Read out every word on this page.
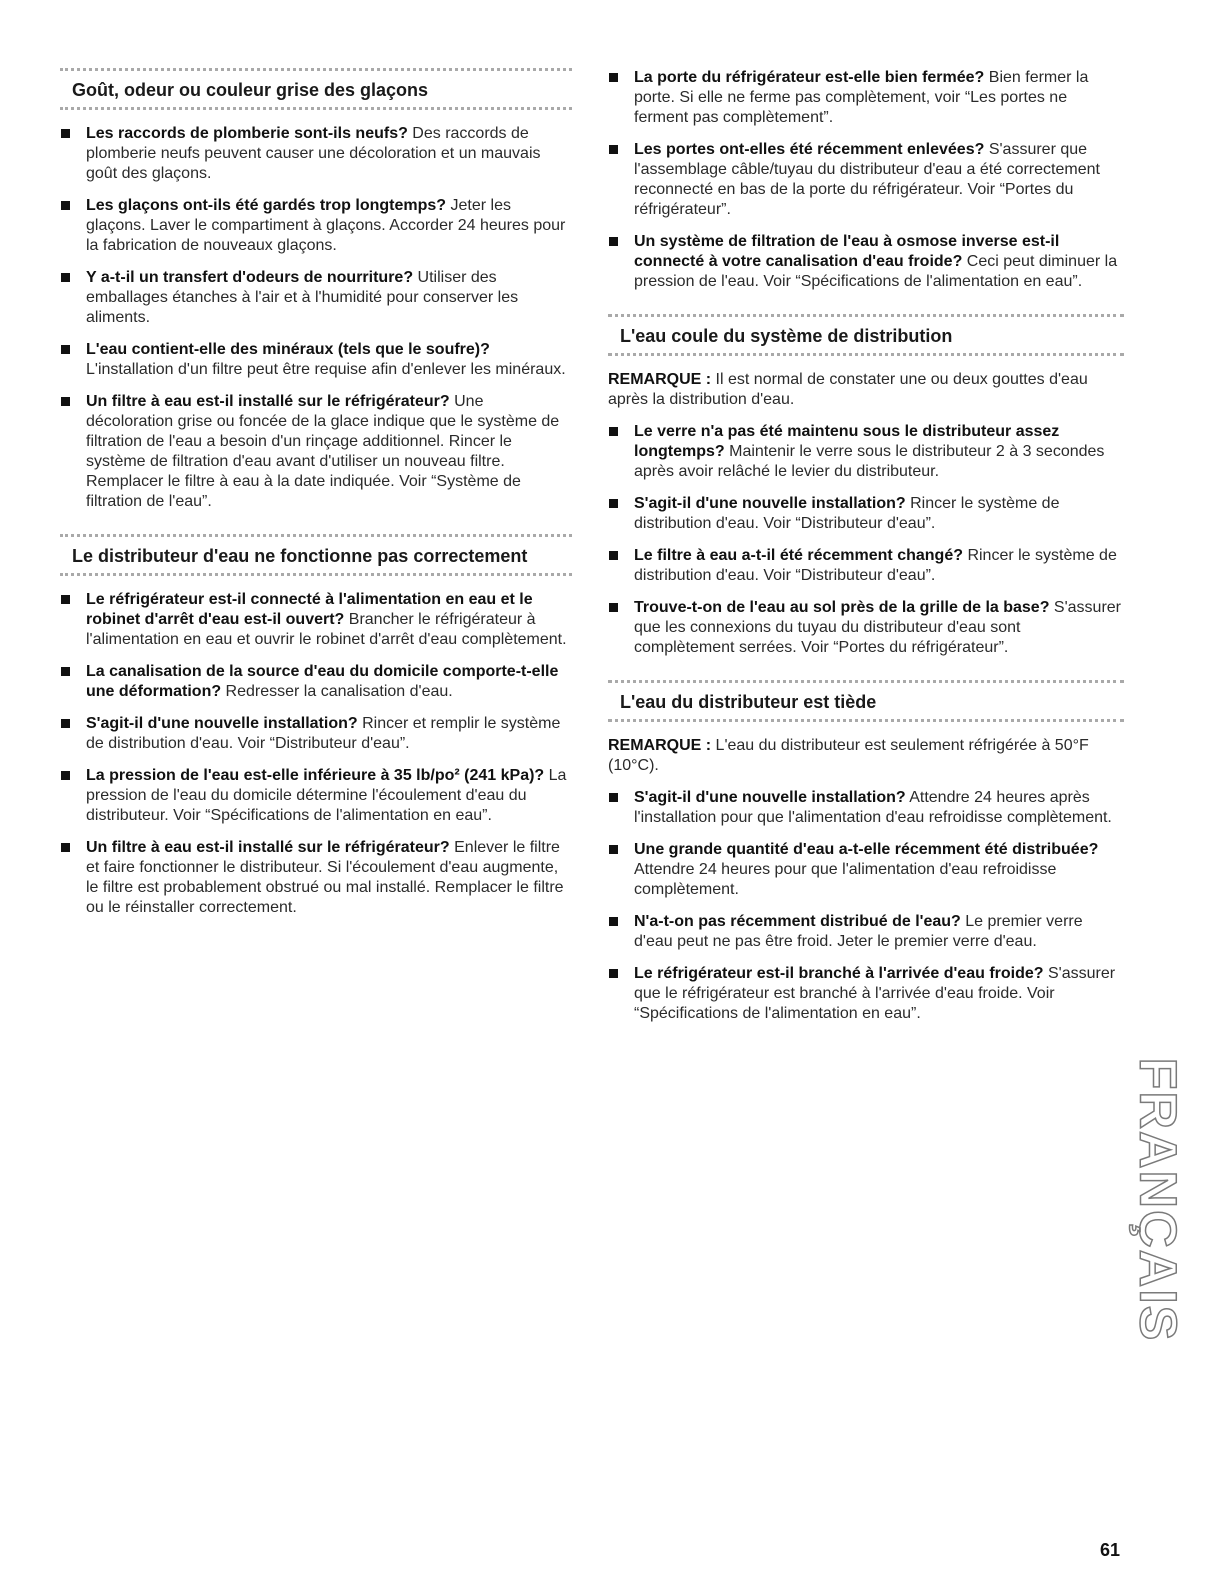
Goût, odeur ou couleur grise des glaçons
Les raccords de plomberie sont-ils neufs? Des raccords de plomberie neufs peuvent causer une décoloration et un mauvais goût des glaçons.
Les glaçons ont-ils été gardés trop longtemps? Jeter les glaçons. Laver le compartiment à glaçons. Accorder 24 heures pour la fabrication de nouveaux glaçons.
Y a-t-il un transfert d'odeurs de nourriture? Utiliser des emballages étanches à l'air et à l'humidité pour conserver les aliments.
L'eau contient-elle des minéraux (tels que le soufre)? L'installation d'un filtre peut être requise afin d'enlever les minéraux.
Un filtre à eau est-il installé sur le réfrigérateur? Une décoloration grise ou foncée de la glace indique que le système de filtration de l'eau a besoin d'un rinçage additionnel. Rincer le système de filtration d'eau avant d'utiliser un nouveau filtre. Remplacer le filtre à eau à la date indiquée. Voir “Système de filtration de l'eau”.
Le distributeur d'eau ne fonctionne pas correctement
Le réfrigérateur est-il connecté à l'alimentation en eau et le robinet d'arrêt d'eau est-il ouvert? Brancher le réfrigérateur à l'alimentation en eau et ouvrir le robinet d'arrêt d'eau complètement.
La canalisation de la source d'eau du domicile comporte-t-elle une déformation? Redresser la canalisation d'eau.
S'agit-il d'une nouvelle installation? Rincer et remplir le système de distribution d'eau. Voir “Distributeur d'eau”.
La pression de l'eau est-elle inférieure à 35 lb/po² (241 kPa)? La pression de l'eau du domicile détermine l'écoulement d'eau du distributeur. Voir “Spécifications de l'alimentation en eau”.
Un filtre à eau est-il installé sur le réfrigérateur? Enlever le filtre et faire fonctionner le distributeur. Si l'écoulement d'eau augmente, le filtre est probablement obstrué ou mal installé. Remplacer le filtre ou le réinstaller correctement.
La porte du réfrigérateur est-elle bien fermée? Bien fermer la porte. Si elle ne ferme pas complètement, voir “Les portes ne ferment pas complètement”.
Les portes ont-elles été récemment enlevées? S'assurer que l'assemblage câble/tuyau du distributeur d'eau a été correctement reconnecté en bas de la porte du réfrigérateur. Voir “Portes du réfrigérateur”.
Un système de filtration de l'eau à osmose inverse est-il connecté à votre canalisation d'eau froide? Ceci peut diminuer la pression de l'eau. Voir “Spécifications de l'alimentation en eau”.
L'eau coule du système de distribution

REMARQUE : Il est normal de constater une ou deux gouttes d'eau après la distribution d'eau.

Le verre n'a pas été maintenu sous le distributeur assez longtemps? Maintenir le verre sous le distributeur 2 à 3 secondes après avoir relâché le levier du distributeur.
S'agit-il d'une nouvelle installation? Rincer le système de distribution d'eau. Voir “Distributeur d'eau”.
Le filtre à eau a-t-il été récemment changé? Rincer le système de distribution d'eau. Voir “Distributeur d'eau”.
Trouve-t-on de l'eau au sol près de la grille de la base? S'assurer que les connexions du tuyau du distributeur d'eau sont complètement serrées. Voir “Portes du réfrigérateur”.
L'eau du distributeur est tiède

REMARQUE : L'eau du distributeur est seulement réfrigérée à 50°F (10°C).

S'agit-il d'une nouvelle installation? Attendre 24 heures après l'installation pour que l'alimentation d'eau refroidisse complètement.
Une grande quantité d'eau a-t-elle récemment été distribuée? Attendre 24 heures pour que l'alimentation d'eau refroidisse complètement.
N'a-t-on pas récemment distribué de l'eau? Le premier verre d'eau peut ne pas être froid. Jeter le premier verre d'eau.
Le réfrigérateur est-il branché à l'arrivée d'eau froide? S'assurer que le réfrigérateur est branché à l'arrivée d'eau froide. Voir “Spécifications de l'alimentation en eau”.
FRANÇAIS
61
